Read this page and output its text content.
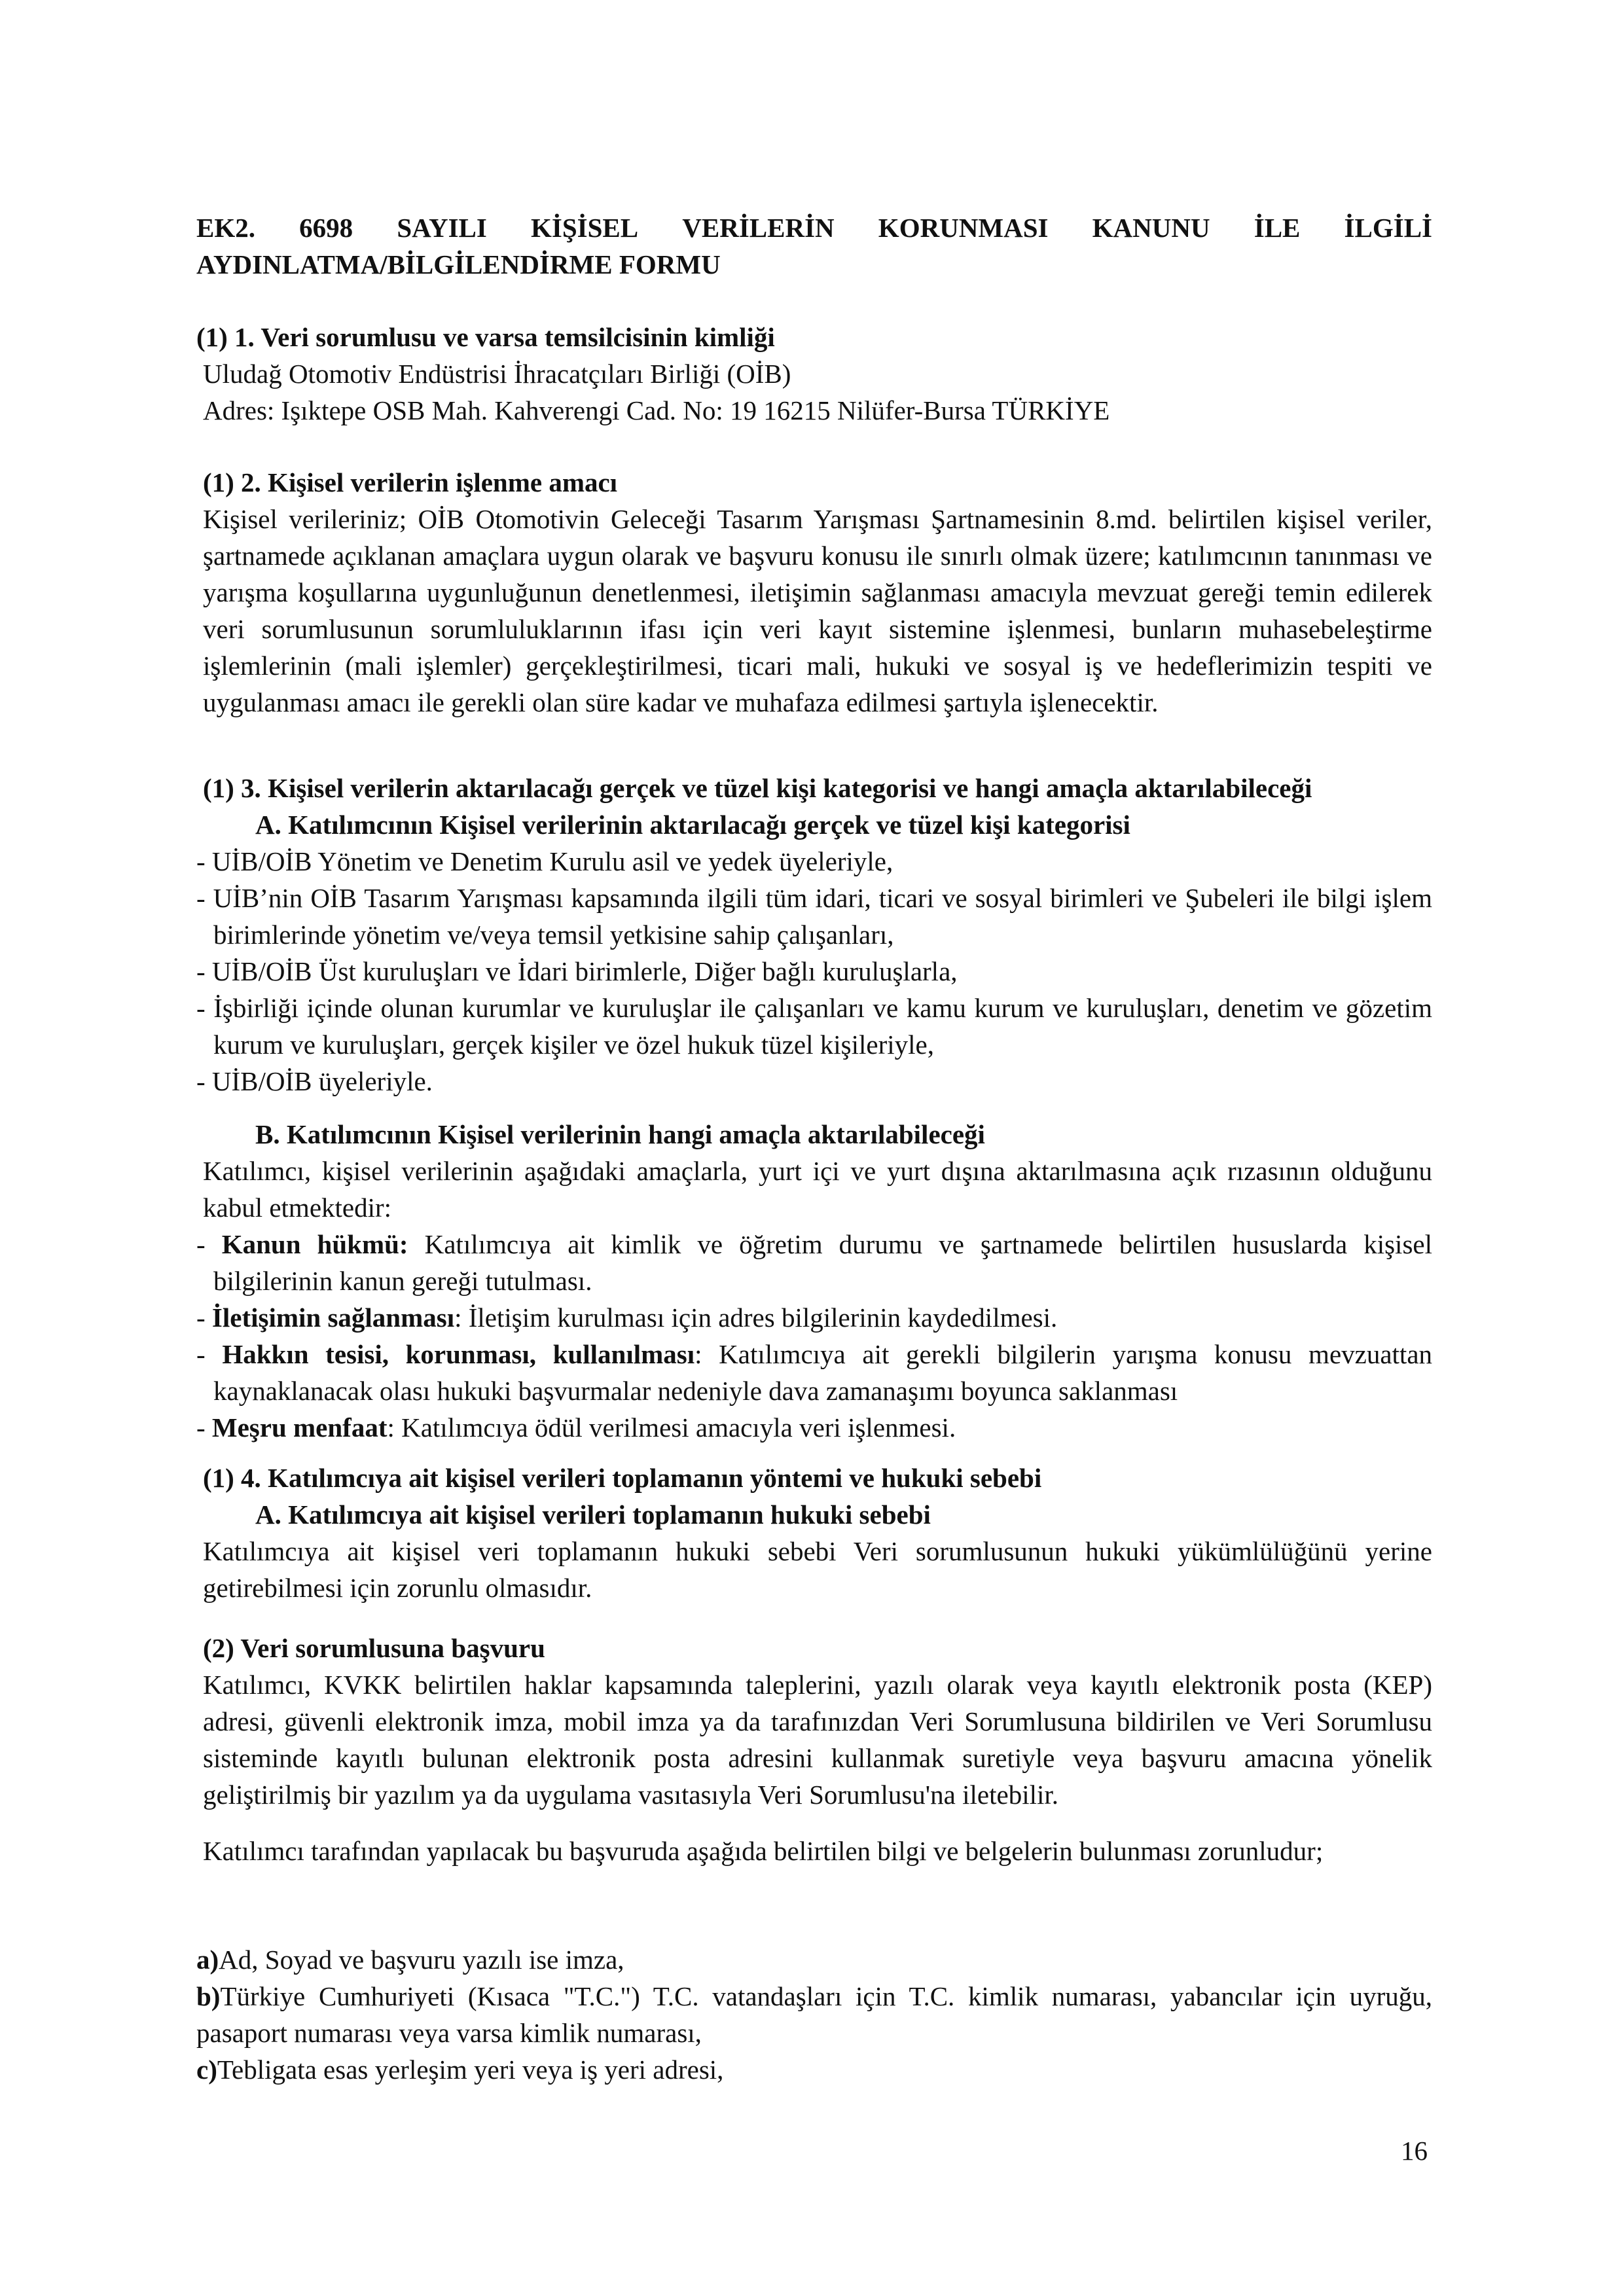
EK2. 6698 SAYILI KİŞİSEL VERİLERİN KORUNMASI KANUNU İLE İLGİLİ
AYDINLATMA/BİLGİLENDİRME FORMU
(1) 1. Veri sorumlusu ve varsa temsilcisinin kimliği
Uludağ Otomotiv Endüstrisi İhracatçıları Birliği (OİB)
Adres: Işıktepe OSB Mah. Kahverengi Cad. No: 19 16215 Nilüfer-Bursa TÜRKİYE
(1) 2. Kişisel verilerin işlenme amacı
Kişisel verileriniz; OİB Otomotivin Geleceği Tasarım Yarışması Şartnamesinin 8.md. belirtilen kişisel veriler, şartnamede açıklanan amaçlara uygun olarak ve başvuru konusu ile sınırlı olmak üzere; katılımcının tanınması ve yarışma koşullarına uygunluğunun denetlenmesi, iletişimin sağlanması amacıyla mevzuat gereği temin edilerek veri sorumlusunun sorumluluklarının ifası için veri kayıt sistemine işlenmesi, bunların muhasebeleştirme işlemlerinin (mali işlemler) gerçekleştirilmesi, ticari mali, hukuki ve sosyal iş ve hedeflerimizin tespiti ve uygulanması amacı ile gerekli olan süre kadar ve muhafaza edilmesi şartıyla işlenecektir.
(1) 3. Kişisel verilerin aktarılacağı gerçek ve tüzel kişi kategorisi ve hangi amaçla aktarılabileceği
A. Katılımcının Kişisel verilerinin aktarılacağı gerçek ve tüzel kişi kategorisi
- UİB/OİB Yönetim ve Denetim Kurulu asil ve yedek üyeleriyle,
- UİB’nin OİB Tasarım Yarışması kapsamında ilgili tüm idari, ticari ve sosyal birimleri ve Şubeleri ile bilgi işlem birimlerinde yönetim ve/veya temsil yetkisine sahip çalışanları,
- UİB/OİB Üst kuruluşları ve İdari birimlerle, Diğer bağlı kuruluşlarla,
- İşbirliği içinde olunan kurumlar ve kuruluşlar ile çalışanları ve kamu kurum ve kuruluşları, denetim ve gözetim kurum ve kuruluşları, gerçek kişiler ve özel hukuk tüzel kişileriyle,
- UİB/OİB üyeleriyle.
B. Katılımcının Kişisel verilerinin hangi amaçla aktarılabileceği
Katılımcı, kişisel verilerinin aşağıdaki amaçlarla, yurt içi ve yurt dışına aktarılmasına açık rızasının olduğunu kabul etmektedir:
- Kanun hükmü: Katılımcıya ait kimlik ve öğretim durumu ve şartnamede belirtilen hususlarda kişisel bilgilerinin kanun gereği tutulması.
- İletişimin sağlanması: İletişim kurulması için adres bilgilerinin kaydedilmesi.
- Hakkın tesisi, korunması, kullanılması: Katılımcıya ait gerekli bilgilerin yarışma konusu mevzuattan kaynaklanacak olası hukuki başvurmalar nedeniyle dava zamanaşımı boyunca saklanması
- Meşru menfaat: Katılımcıya ödül verilmesi amacıyla veri işlenmesi.
(1) 4. Katılımcıya ait kişisel verileri toplamanın yöntemi ve hukuki sebebi
A. Katılımcıya ait kişisel verileri toplamanın hukuki sebebi
Katılımcıya ait kişisel veri toplamanın hukuki sebebi Veri sorumlusunun hukuki yükümlülüğünü yerine getirebilmesi için zorunlu olmasıdır.
(2) Veri sorumlusuna başvuru
Katılımcı, KVKK belirtilen haklar kapsamında taleplerini, yazılı olarak veya kayıtlı elektronik posta (KEP) adresi, güvenli elektronik imza, mobil imza ya da tarafınızdan Veri Sorumlusuna bildirilen ve Veri Sorumlusu sisteminde kayıtlı bulunan elektronik posta adresini kullanmak suretiyle veya başvuru amacına yönelik geliştirilmiş bir yazılım ya da uygulama vasıtasıyla Veri Sorumlusu'na iletebilir.
Katılımcı tarafından yapılacak bu başvuruda aşağıda belirtilen bilgi ve belgelerin bulunması zorunludur;
a)Ad, Soyad ve başvuru yazılı ise imza,
b)Türkiye Cumhuriyeti (Kısaca "T.C.") T.C. vatandaşları için T.C. kimlik numarası, yabancılar için uyruğu, pasaport numarası veya varsa kimlik numarası,
c)Tebligata esas yerleşim yeri veya iş yeri adresi,
16
